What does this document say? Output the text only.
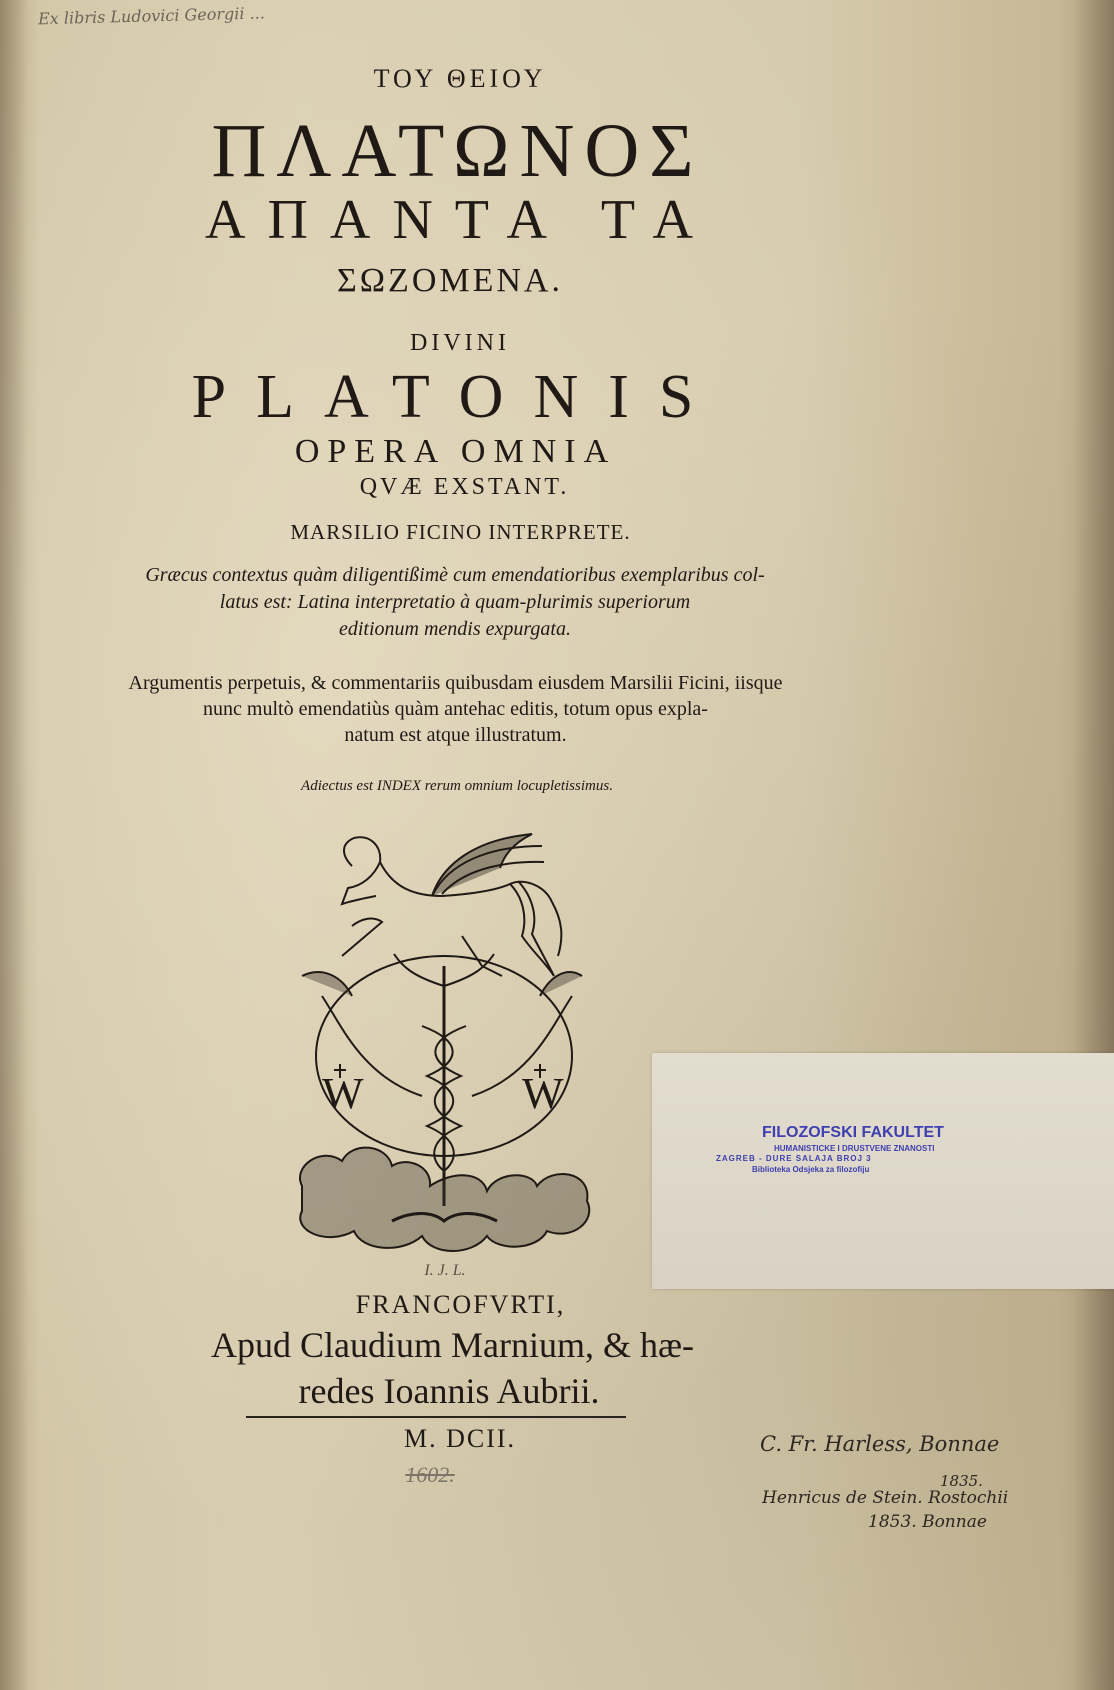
Ex libris Ludovici Georgii ...
ΤΟΥ ΘΕΙΟΥ
ΠΛΑΤΩΝΟΣ
ΑΠΑΝΤΑ ΤΑ
ΣΩΖΟΜΕΝΑ.
DIVINI
PLATONIS
OPERA OMNIA
QVÆ EXSTANT.
MARSILIO FICINO INTERPRETE.
Græcus contextus quàm diligentißimè cum emendatioribus exemplaribus col-
latus est: Latina interpretatio à quam-plurimis superiorum
editionum mendis expurgata.
Argumentis perpetuis, & commentariis quibusdam eiusdem Marsilii Ficini, iisque
nunc multò emendatiùs quàm antehac editis, totum opus expla-
natum est atque illustratum.
Adiectus est INDEX rerum omnium locupletissimus.
W	W
I. J. L.
FRANCOFVRTI,
Apud Claudium Marnium, & hæ-
redes Ioannis Aubrii.
M. DCII.
1602.
FILOZOFSKI FAKULTET
HUMANISTICKE I DRUSTVENE ZNANOSTI
ZAGREB - DURE SALAJA BROJ 3
Biblioteka Odsjeka za filozofiju
C. Fr. Harless, Bonnae
1835.
Henricus de Stein. Rostochii
1853. Bonnae
